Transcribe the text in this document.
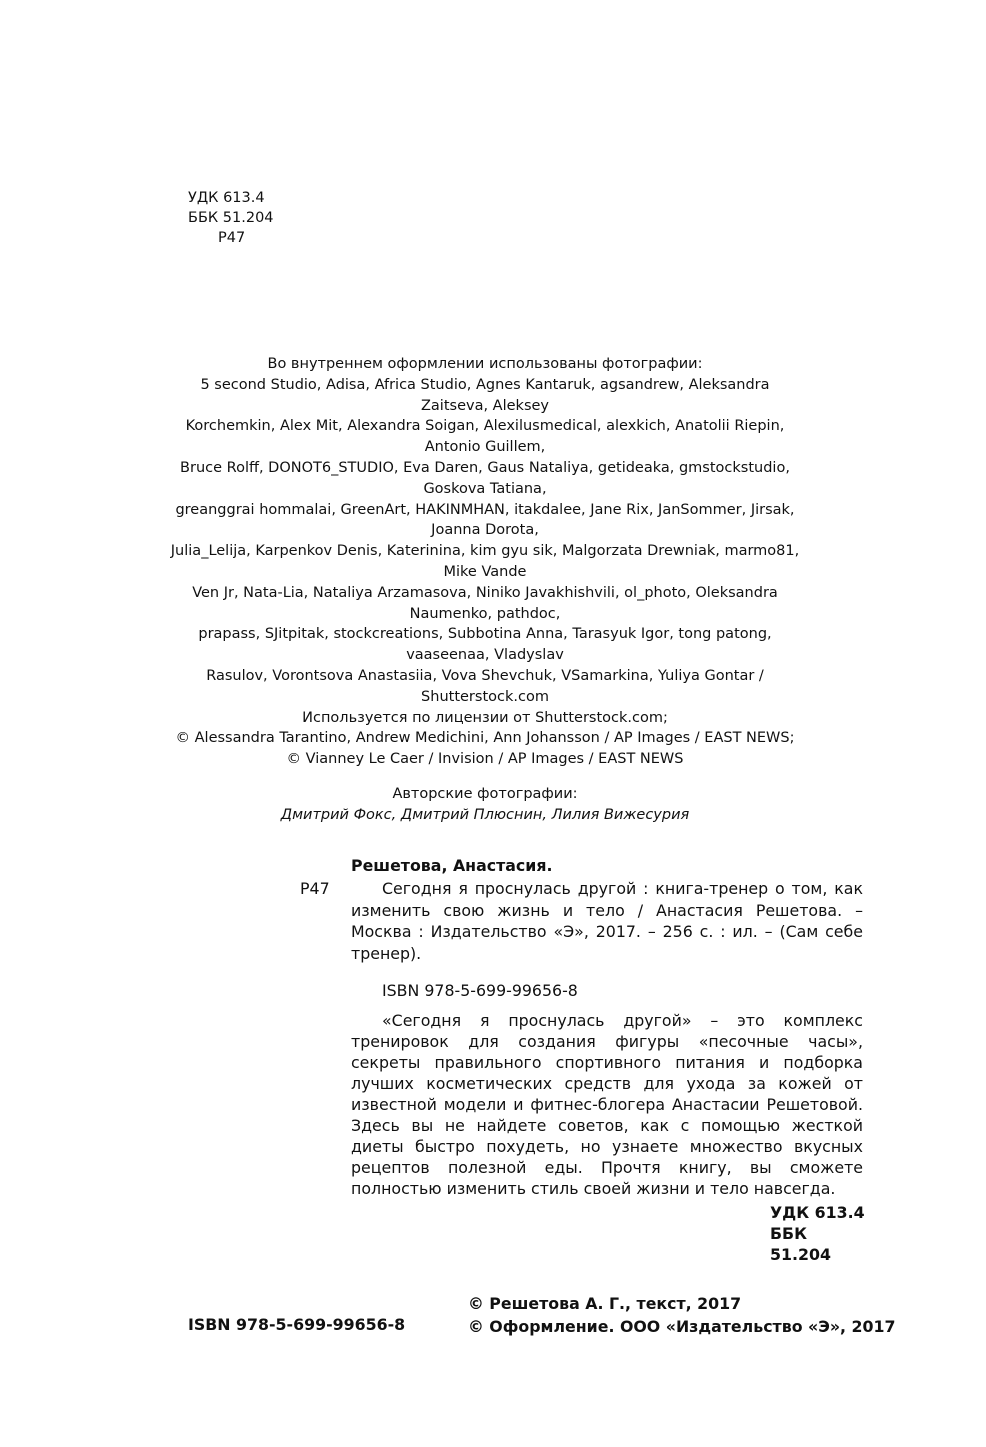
УДК 613.4
ББК 51.204
Р47
Во внутреннем оформлении использованы фотографии:
5 second Studio, Adisa, Africa Studio, Agnes Kantaruk, agsandrew, Aleksandra Zaitseva, Aleksey
Korchemkin, Alex Mit, Alexandra Soigan, Alexilusmedical, alexkich, Anatolii Riepin, Antonio Guillem,
Bruce Rolff, DONOT6_STUDIO, Eva Daren, Gaus Nataliya, getideaka, gmstockstudio, Goskova Tatiana,
greanggrai hommalai, GreenArt, HAKINMHAN, itakdalee, Jane Rix, JanSommer, Jirsak, Joanna Dorota,
Julia_Lelija, Karpenkov Denis, Katerinina, kim gyu sik, Malgorzata Drewniak, marmo81, Mike Vande
Ven Jr, Nata-Lia, Nataliya Arzamasova, Niniko Javakhishvili, ol_photo, Oleksandra Naumenko, pathdoc,
prapass, SJitpitak, stockcreations, Subbotina Anna, Tarasyuk Igor, tong patong, vaaseenaa, Vladyslav
Rasulov, Vorontsova Anastasiia, Vova Shevchuk, VSamarkina, Yuliya Gontar / Shutterstock.com
Используется по лицензии от Shutterstock.com;
© Alessandra Tarantino, Andrew Medichini, Ann Johansson / AP Images / EAST NEWS;
© Vianney Le Caer / Invision / AP Images / EAST NEWS
Авторские фотографии:
Дмитрий Фокс, Дмитрий Плюснин, Лилия Вижесурия
Решетова, Анастасия.
Р47	Сегодня я проснулась другой : книга-тренер о том, как изменить свою жизнь и тело / Анастасия Решетова. – Москва : Издательство «Э», 2017. – 256 с. : ил. – (Сам себе тренер).
ISBN 978-5-699-99656-8
«Сегодня я проснулась другой» – это комплекс тренировок для создания фигуры «песочные часы», секреты правильного спортивного питания и подборка лучших косметических средств для ухода за кожей от известной модели и фитнес-блогера Анастасии Решетовой. Здесь вы не найдете советов, как с помощью жесткой диеты быстро похудеть, но узнаете множество вкусных рецептов полезной еды. Прочтя книгу, вы сможете полностью изменить стиль своей жизни и тело навсегда.
УДК 613.4
ББК 51.204
ISBN 978-5-699-99656-8
© Решетова А. Г., текст, 2017
© Оформление. ООО «Издательство «Э», 2017
